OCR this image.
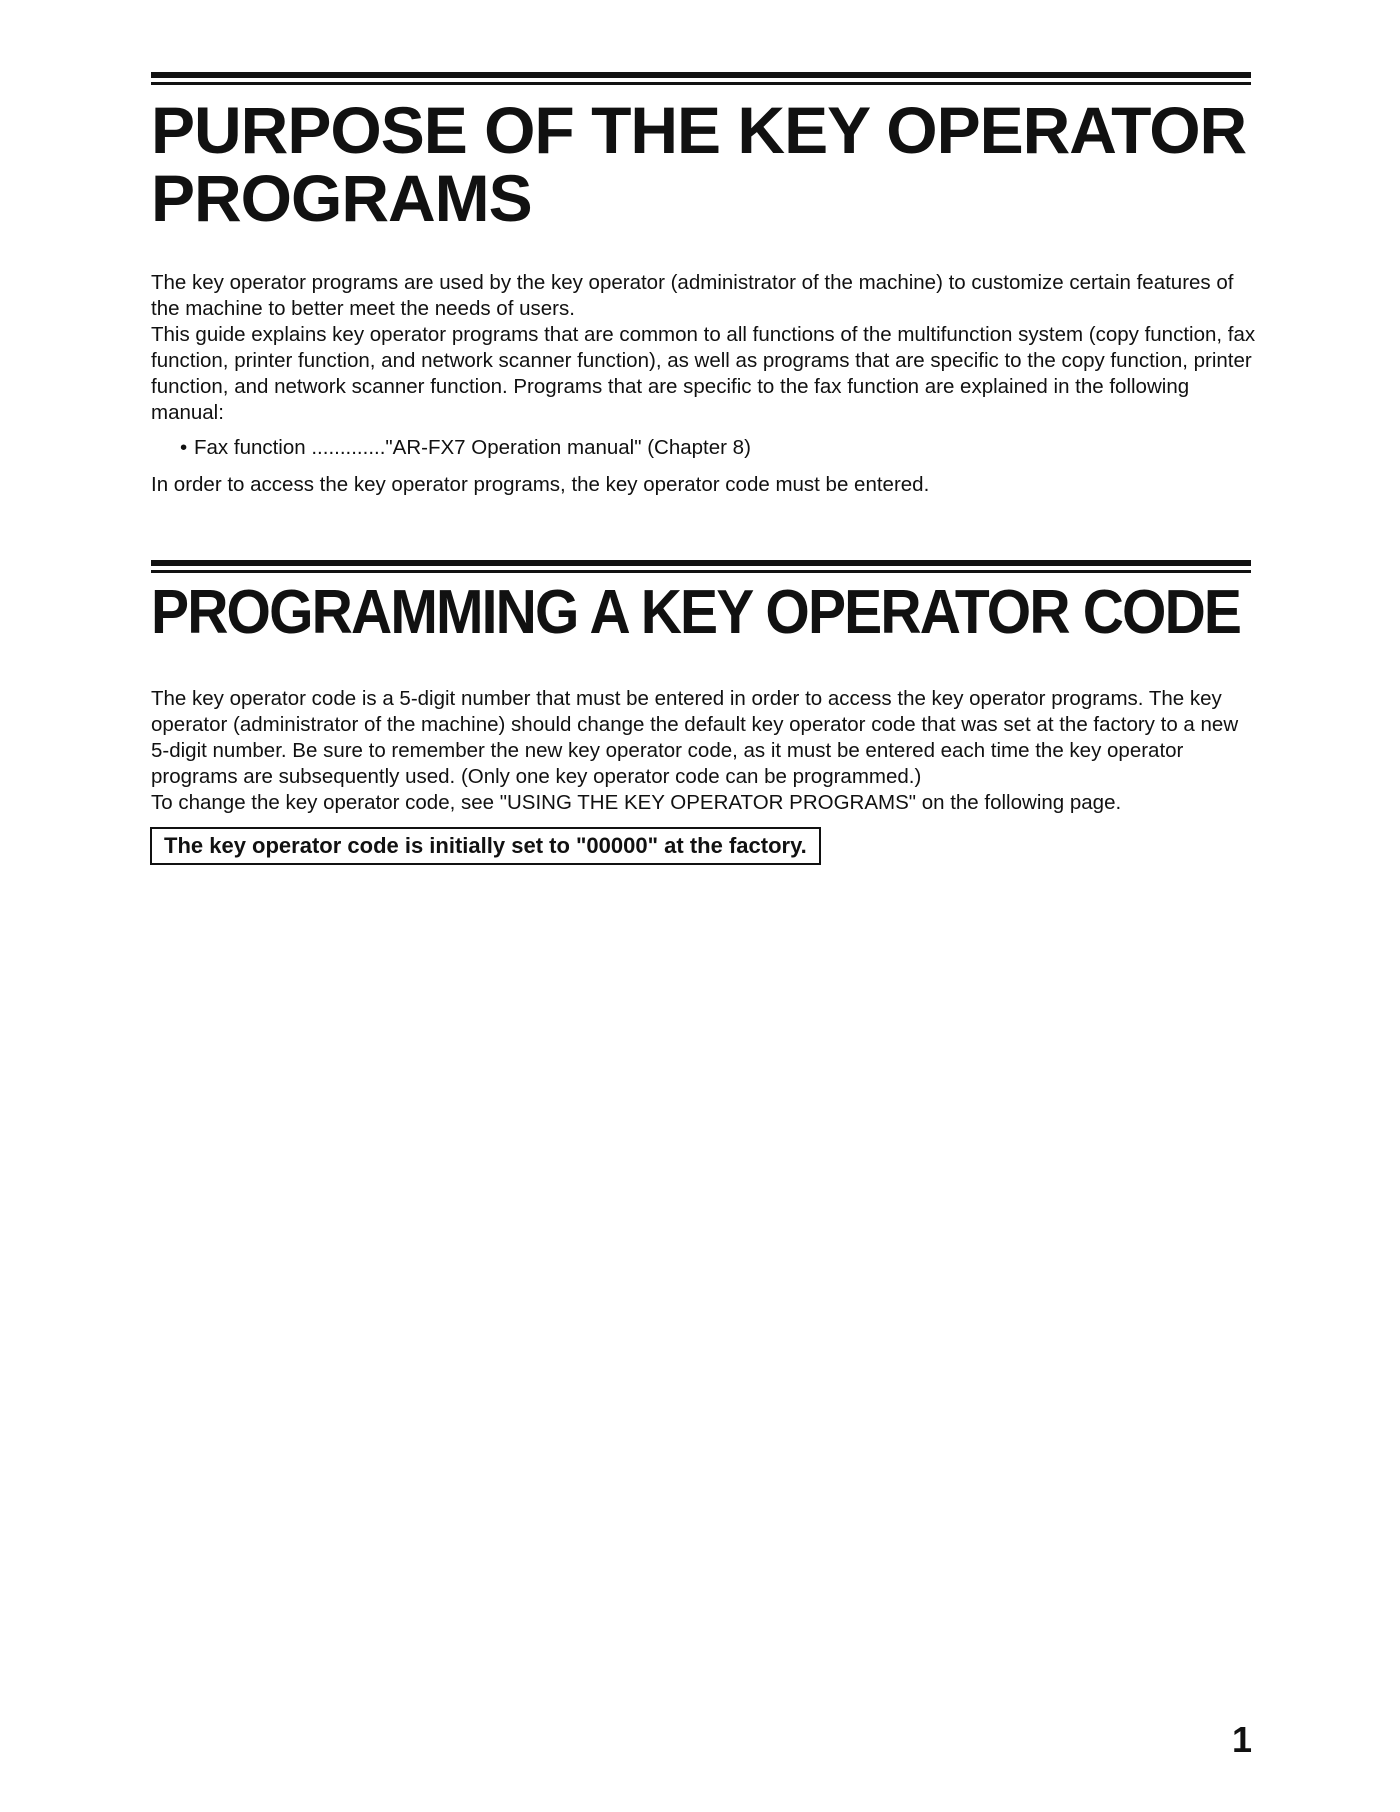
PURPOSE OF THE KEY OPERATOR
PROGRAMS

The key operator programs are used by the key operator (administrator of the machine) to customize certain features of the machine to better meet the needs of users.

This guide explains key operator programs that are common to all functions of the multifunction system (copy function, fax function, printer function, and network scanner function), as well as programs that are specific to the copy function, printer function, and network scanner function. Programs that are specific to the fax function are explained in the following manual:

• Fax function ............."AR-FX7 Operation manual" (Chapter 8)

In order to access the key operator programs, the key operator code must be entered.

PROGRAMMING A KEY OPERATOR CODE

The key operator code is a 5-digit number that must be entered in order to access the key operator programs. The key operator (administrator of the machine) should change the default key operator code that was set at the factory to a new 5-digit number. Be sure to remember the new key operator code, as it must be entered each time the key operator programs are subsequently used. (Only one key operator code can be programmed.)

To change the key operator code, see "USING THE KEY OPERATOR PROGRAMS" on the following page.

The key operator code is initially set to "00000" at the factory.
1
